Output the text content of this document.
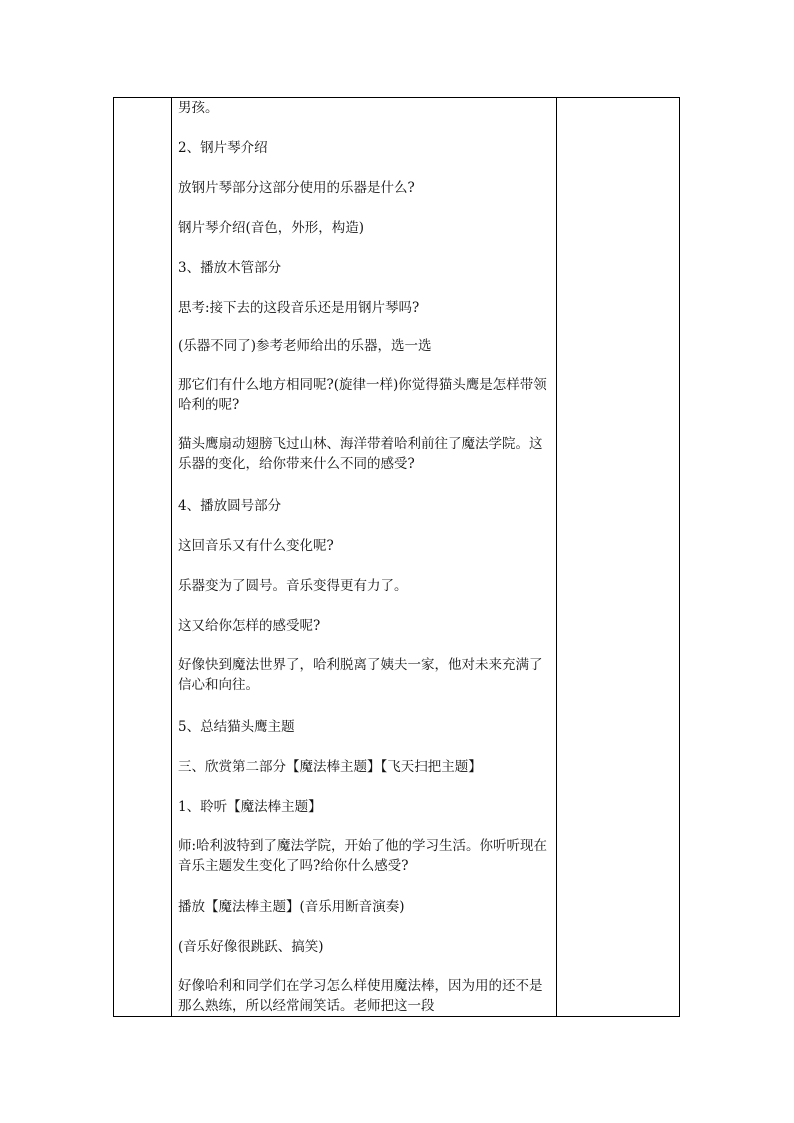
男孩。

2、钢片琴介绍

放钢片琴部分这部分使用的乐器是什么?

钢片琴介绍(音色，外形，构造)

3、播放木管部分

思考:接下去的这段音乐还是用钢片琴吗?

(乐器不同了)参考老师给出的乐器，选一选

那它们有什么地方相同呢?(旋律一样)你觉得猫头鹰是怎样带领哈利的呢?

猫头鹰扇动翅膀飞过山林、海洋带着哈利前往了魔法学院。这乐器的变化，给你带来什么不同的感受?

4、播放圆号部分

这回音乐又有什么变化呢?

乐器变为了圆号。音乐变得更有力了。

这又给你怎样的感受呢?

好像快到魔法世界了，哈利脱离了姨夫一家，他对未来充满了信心和向往。

5、总结猫头鹰主题

三、欣赏第二部分【魔法棒主题】【飞天扫把主题】

1、聆听【魔法棒主题】

师:哈利波特到了魔法学院，开始了他的学习生活。你听听现在音乐主题发生变化了吗?给你什么感受?

播放【魔法棒主题】(音乐用断音演奏)

(音乐好像很跳跃、搞笑)

好像哈利和同学们在学习怎么样使用魔法棒，因为用的还不是那么熟练，所以经常闹笑话。老师把这一段
